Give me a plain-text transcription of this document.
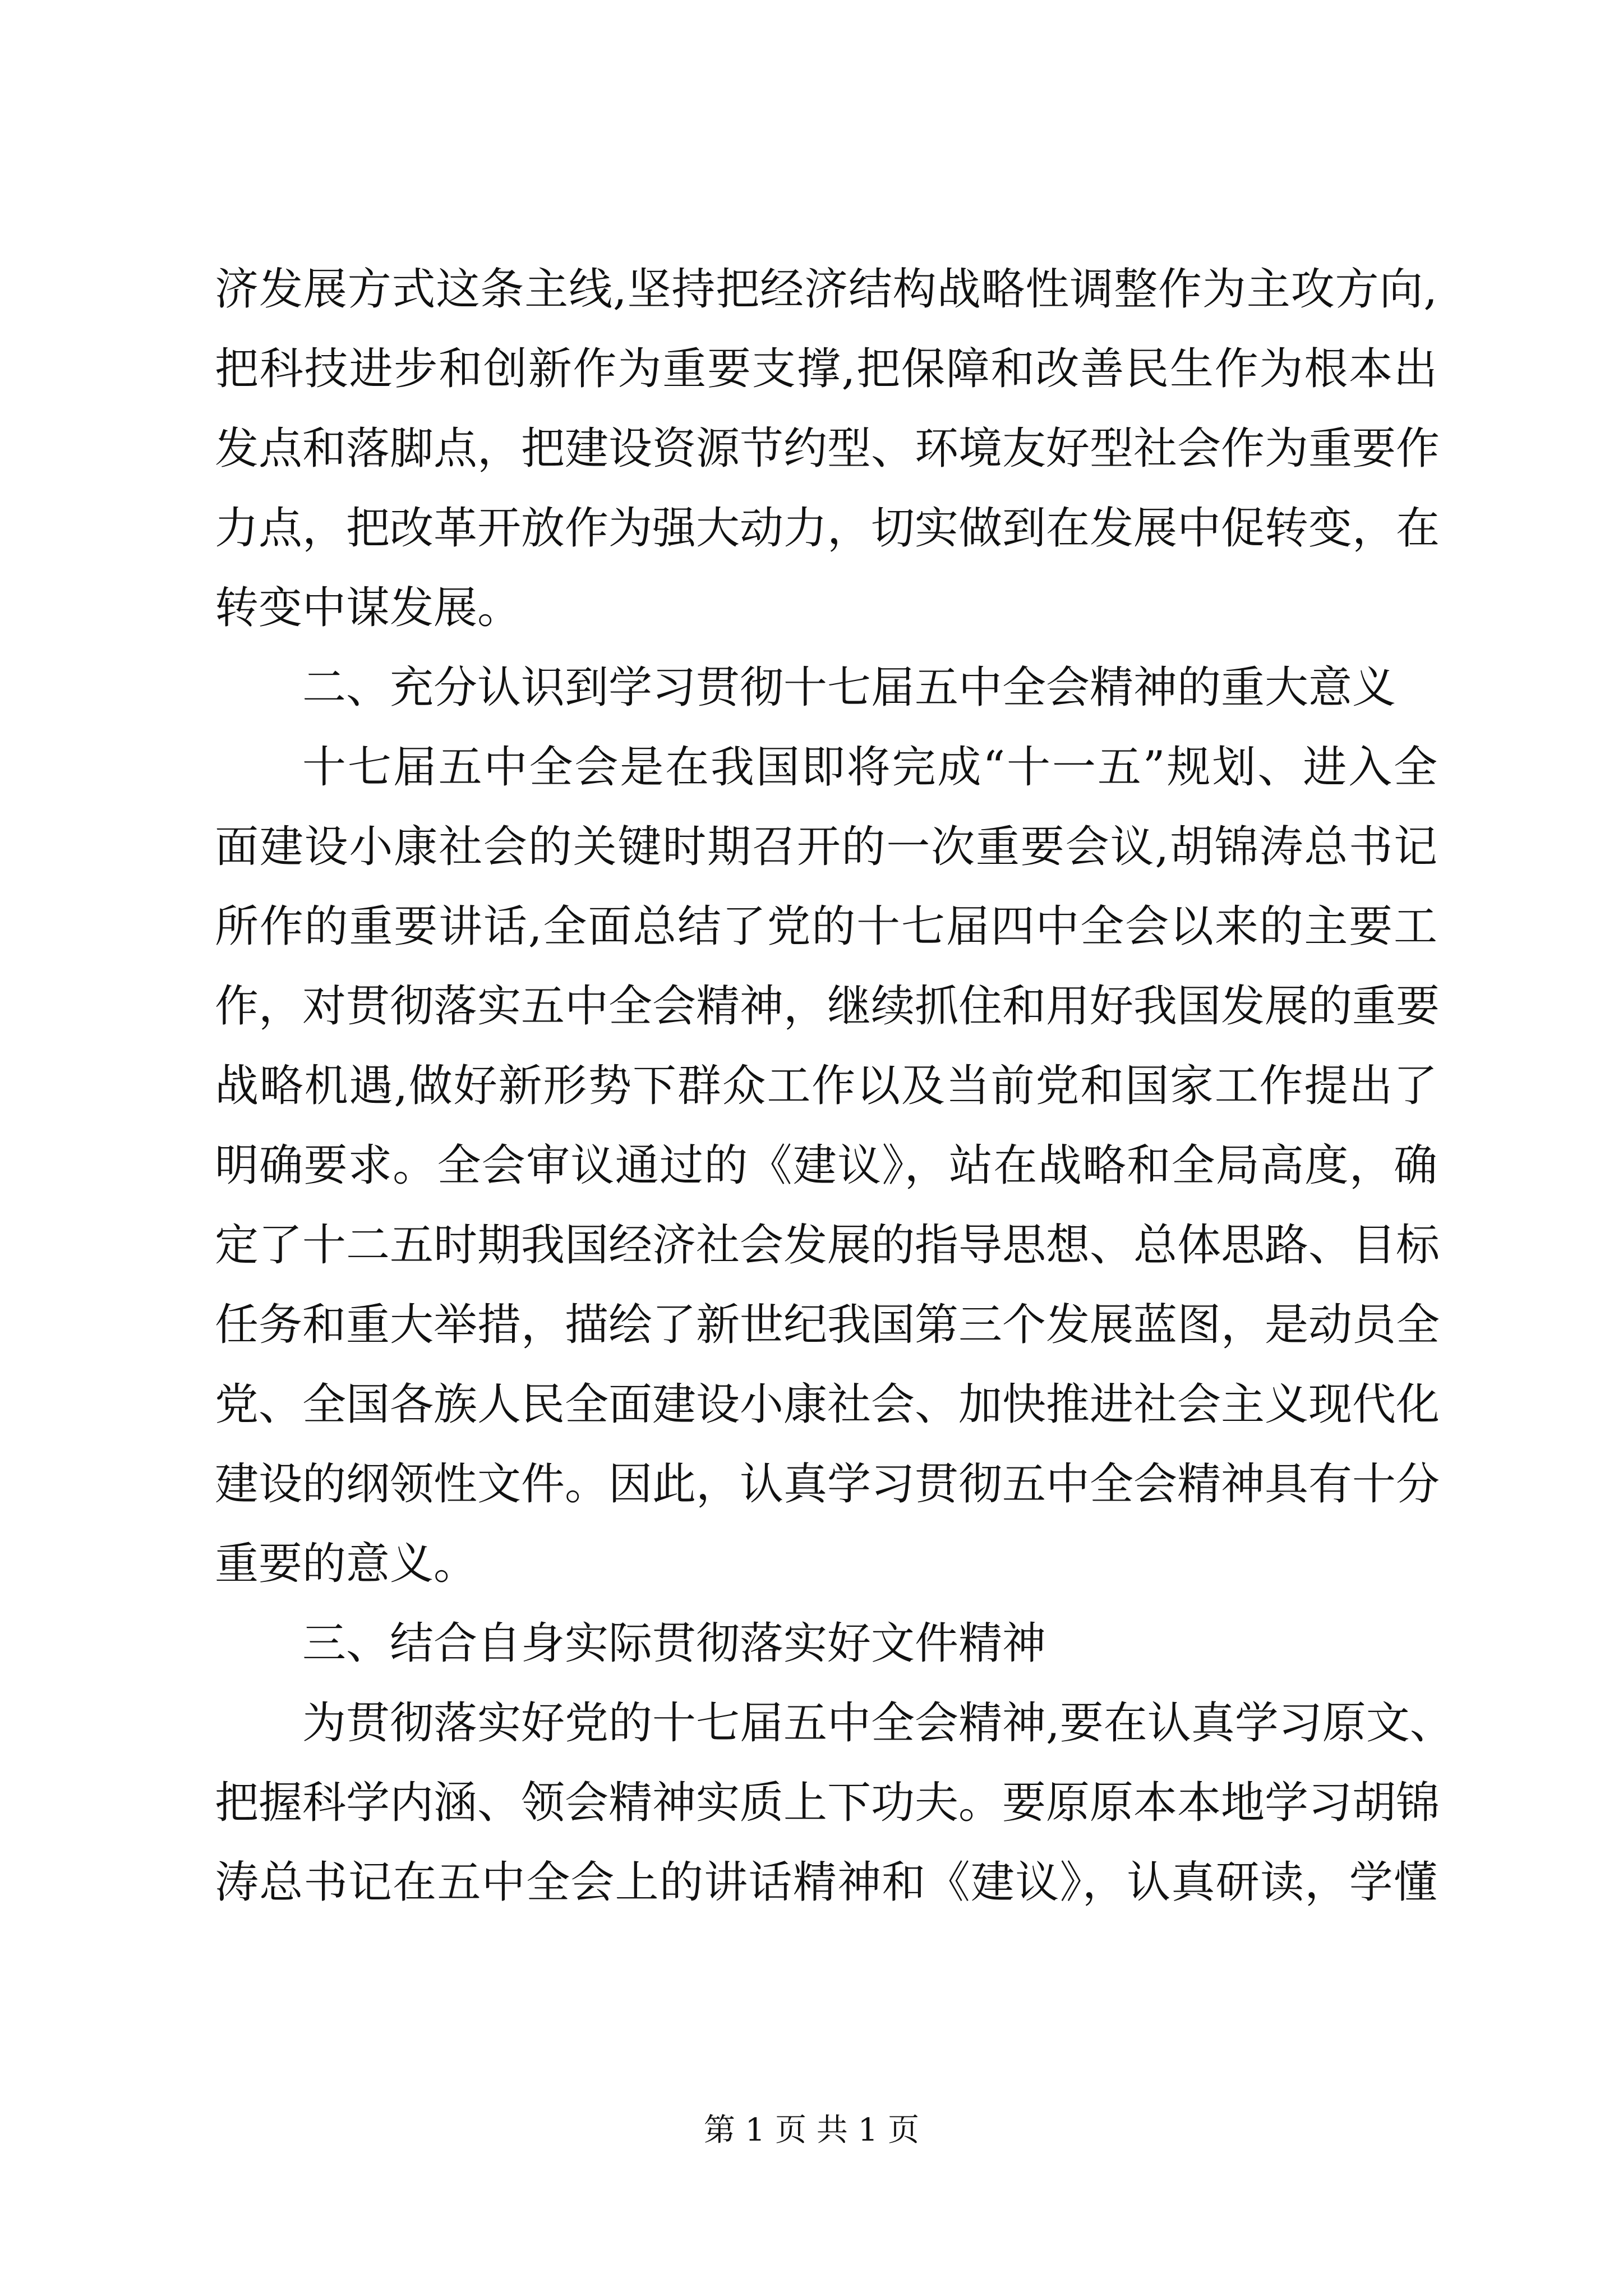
济发展方式这条主线,坚持把经济结构战略性调整作为主攻方向,
把科技进步和创新作为重要支撑,把保障和改善民生作为根本出
发点和落脚点，把建设资源节约型、环境友好型社会作为重要作
力点，把改革开放作为强大动力，切实做到在发展中促转变，在
转变中谋发展。
二、充分认识到学习贯彻十七届五中全会精神的重大意义
十七届五中全会是在我国即将完成“十一五”规划、进入全
面建设小康社会的关键时期召开的一次重要会议,胡锦涛总书记
所作的重要讲话,全面总结了党的十七届四中全会以来的主要工
作，对贯彻落实五中全会精神，继续抓住和用好我国发展的重要
战略机遇,做好新形势下群众工作以及当前党和国家工作提出了
明确要求。全会审议通过的《建议》，站在战略和全局高度，确
定了十二五时期我国经济社会发展的指导思想、总体思路、目标
任务和重大举措，描绘了新世纪我国第三个发展蓝图，是动员全
党、全国各族人民全面建设小康社会、加快推进社会主义现代化
建设的纲领性文件。因此，认真学习贯彻五中全会精神具有十分
重要的意义。
三、结合自身实际贯彻落实好文件精神
为贯彻落实好党的十七届五中全会精神,要在认真学习原文、
把握科学内涵、领会精神实质上下功夫。要原原本本地学习胡锦
涛总书记在五中全会上的讲话精神和《建议》，认真研读，学懂
第 1 页 共 1 页
